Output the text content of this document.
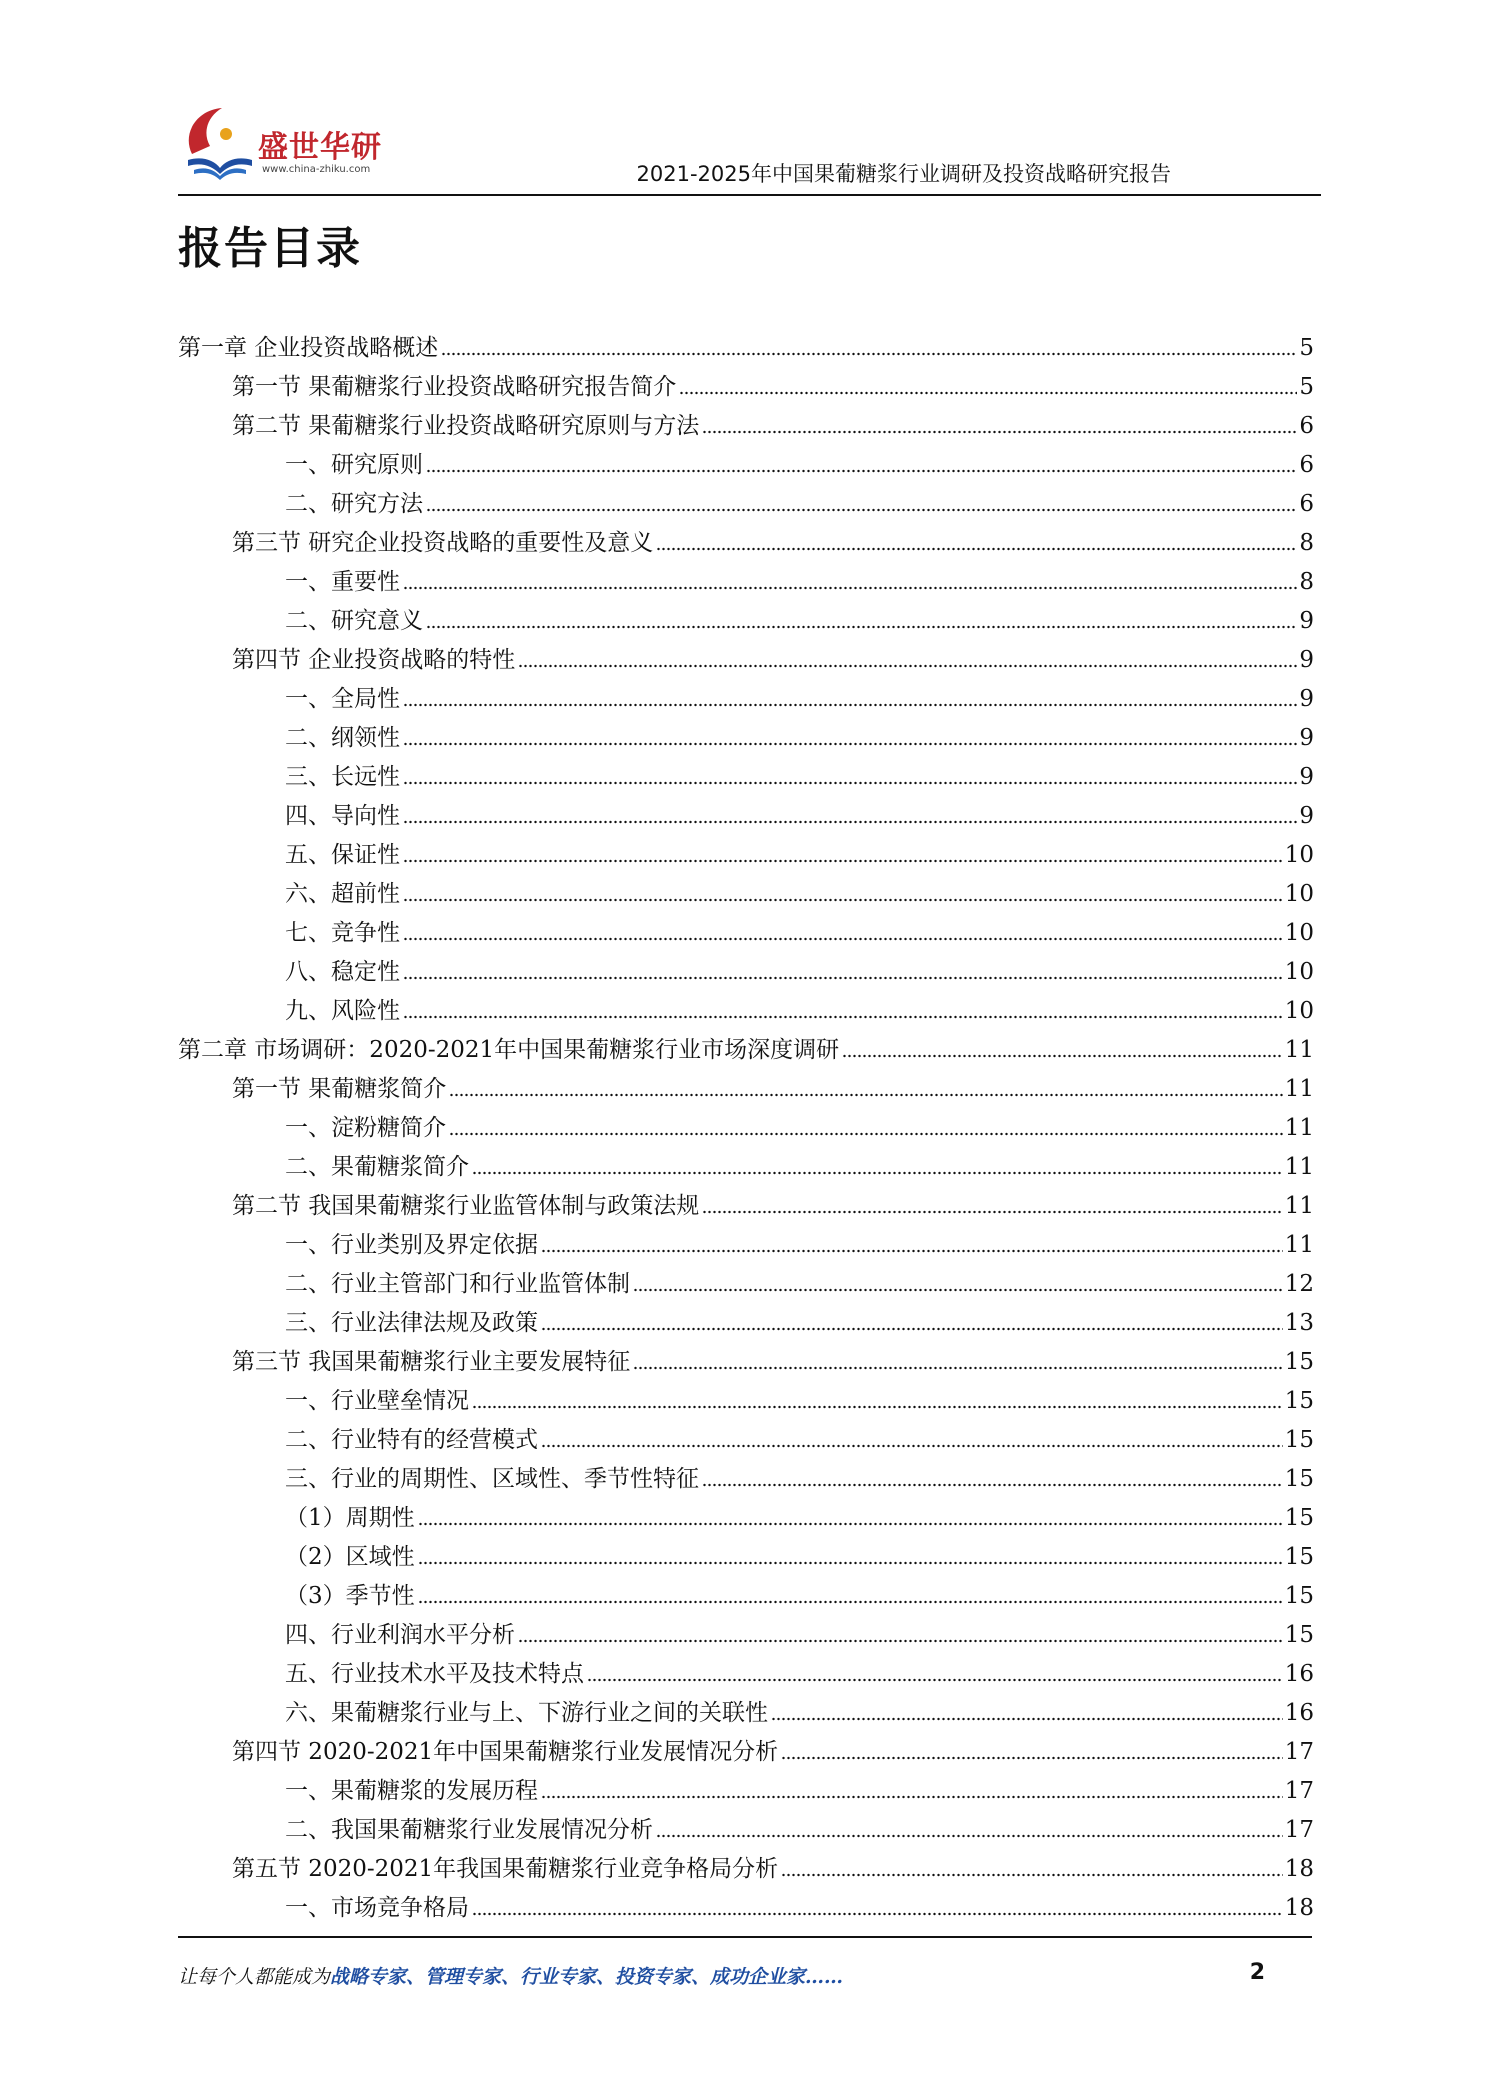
盛世华研
www.china-zhiku.com	2021-2025年中国果葡糖浆行业调研及投资战略研究报告
报告目录
第一章 企业投资战略概述	5
第一节 果葡糖浆行业投资战略研究报告简介	5
第二节 果葡糖浆行业投资战略研究原则与方法	6
一、研究原则	6
二、研究方法	6
第三节 研究企业投资战略的重要性及意义	8
一、重要性	8
二、研究意义	9
第四节 企业投资战略的特性	9
一、全局性	9
二、纲领性	9
三、长远性	9
四、导向性	9
五、保证性	10
六、超前性	10
七、竞争性	10
八、稳定性	10
九、风险性	10
第二章 市场调研：2020-2021年中国果葡糖浆行业市场深度调研	11
第一节 果葡糖浆简介	11
一、淀粉糖简介	11
二、果葡糖浆简介	11
第二节 我国果葡糖浆行业监管体制与政策法规	11
一、行业类别及界定依据	11
二、行业主管部门和行业监管体制	12
三、行业法律法规及政策	13
第三节 我国果葡糖浆行业主要发展特征	15
一、行业壁垒情况	15
二、行业特有的经营模式	15
三、行业的周期性、区域性、季节性特征	15
（1）周期性	15
（2）区域性	15
（3）季节性	15
四、行业利润水平分析	15
五、行业技术水平及技术特点	16
六、果葡糖浆行业与上、下游行业之间的关联性	16
第四节 2020-2021年中国果葡糖浆行业发展情况分析	17
一、果葡糖浆的发展历程	17
二、我国果葡糖浆行业发展情况分析	17
第五节 2020-2021年我国果葡糖浆行业竞争格局分析	18
一、市场竞争格局	18
让每个人都能成为战略专家、管理专家、行业专家、投资专家、成功企业家……	2
